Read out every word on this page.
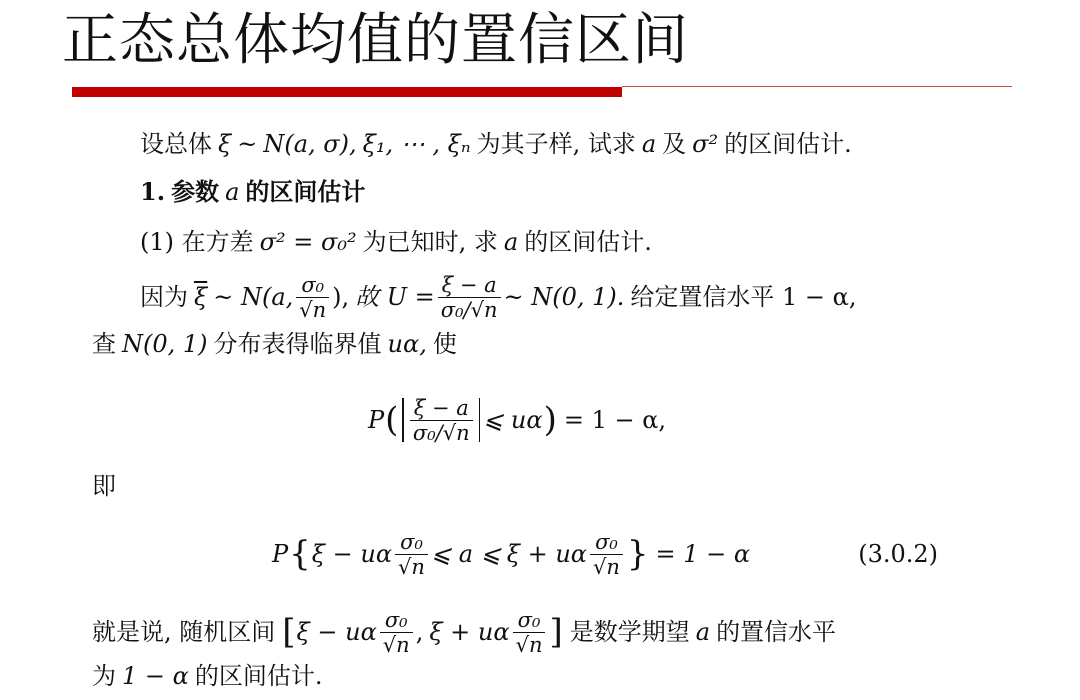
正态总体均值的置信区间
设总体 ξ ~ N(a, σ), ξ₁, ⋯ , ξₙ 为其子样, 试求 a 及 σ² 的区间估计.
1. 参数 a 的区间估计
(1) 在方差 σ² = σ₀² 为已知时, 求 a 的区间估计.
因为 $\overline{\xi}$ ~ N(a, $\frac{\text{σ₀}}{√n}$ ), 故 $U = \frac{\xi - a}{\text{σ₀/√n}}$ ~ N(0, 1). 给定置信水平 1 − α,
查 N(0, 1) 分布表得临界值 uα, 使
P ( $\frac{\xi - a}{\text{σ₀/√n}}$ ⩽ uα ) = 1 − α,
即
P { ξ − uα $\frac{\text{σ₀}}{√n}$ ⩽ a ⩽ ξ + uα $\frac{\text{σ₀}}{√n}$ } = 1 − α	(3.0.2)
就是说, 随机区间 [ ξ − uα $\frac{\text{σ₀}}{√n}$ , ξ + uα $\frac{\text{σ₀}}{√n}$ ] 是数学期望 a 的置信水平
为 1 − α 的区间估计.
